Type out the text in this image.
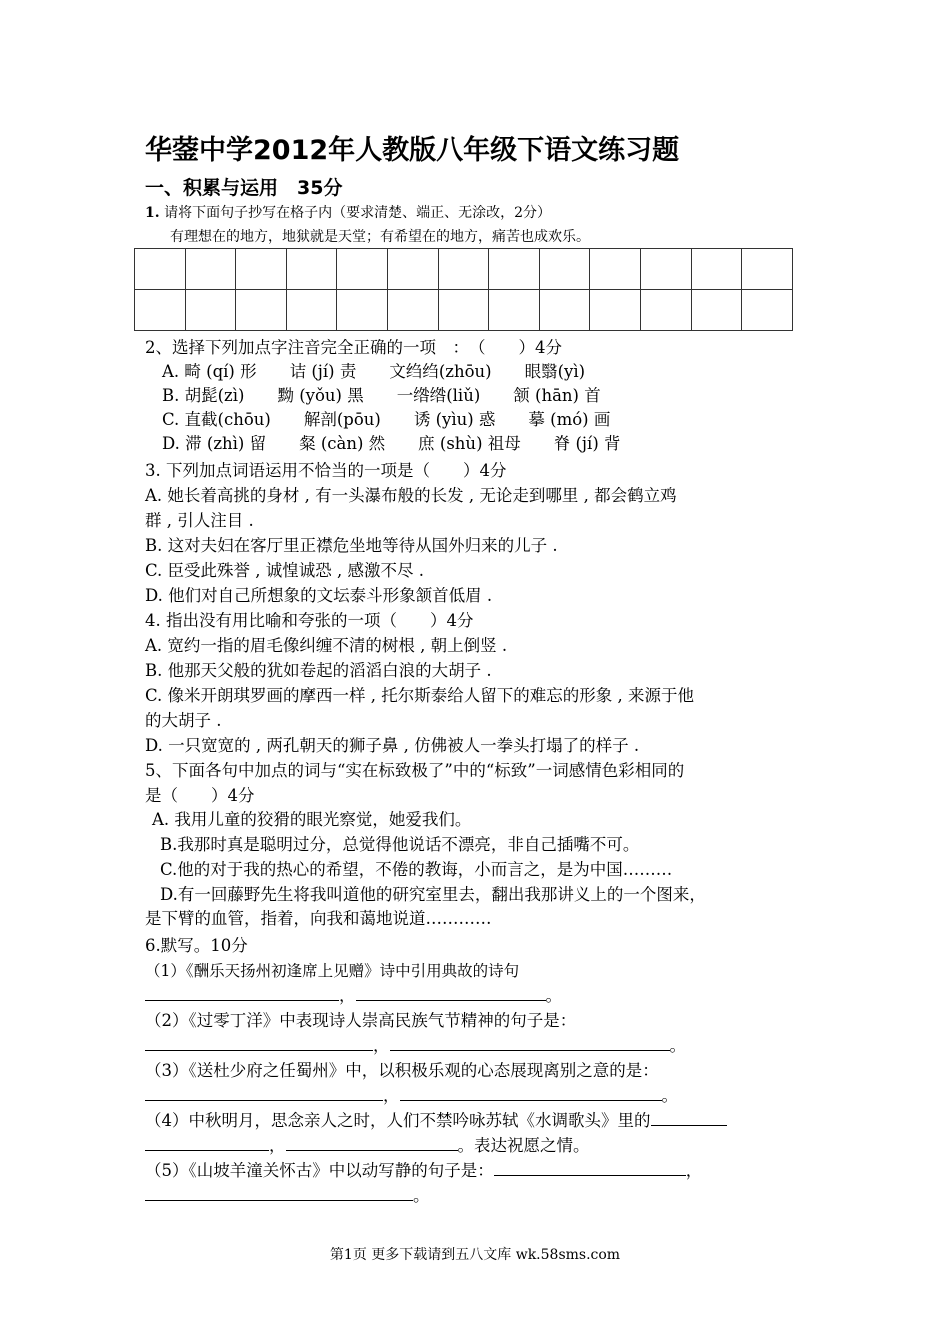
华蓥中学2012年人教版八年级下语文练习题
一、积累与运用　35分
1. 请将下面句子抄写在格子内（要求清楚、端正、无涂改，2分）
有理想在的地方，地狱就是天堂；有希望在的地方，痛苦也成欢乐。

2、选择下列加点字注音完全正确的一项　：　（　　）4分
A. 畸 (qí) 形　　诘 (jí) 责　　文绉绉(zhōu)　　眼翳(yì)
B. 胡髭(zì)　　黝 (yǒu) 黑　　一绺绺(liǔ)　　颔 (hān) 首
C. 直截(chōu)　　解剖(pōu)　　诱 (yìu) 惑　　摹 (mó) 画
D. 滞 (zhì) 留　　粲 (càn) 然　　庶 (shù) 祖母　　脊 (jí) 背
3. 下列加点词语运用不恰当的一项是（　　）4分
A. 她长着高挑的身材 , 有一头瀑布般的长发 , 无论走到哪里 , 都会鹤立鸡
群 , 引人注目 .
B. 这对夫妇在客厅里正襟危坐地等待从国外归来的儿子 .
C. 臣受此殊誉 , 诚惶诚恐 , 感激不尽 .
D. 他们对自己所想象的文坛泰斗形象颔首低眉 .
4. 指出没有用比喻和夸张的一项（　　）4分
A. 宽约一指的眉毛像纠缠不清的树根 , 朝上倒竖 .
B. 他那天父般的犹如卷起的滔滔白浪的大胡子 .
C. 像米开朗琪罗画的摩西一样 , 托尔斯泰给人留下的难忘的形象 , 来源于他
的大胡子 .
D. 一只宽宽的 , 两孔朝天的狮子鼻 , 仿佛被人一拳头打塌了的样子 .
5、下面各句中加点的词与“实在标致极了”中的“标致”一词感情色彩相同的
是（　　）4分
A. 我用儿童的狡猾的眼光察觉，她爱我们。
B.我那时真是聪明过分，总觉得他说话不漂亮，非自己插嘴不可。
C.他的对于我的热心的希望，不倦的教诲，小而言之，是为中国………
D.有一回藤野先生将我叫道他的研究室里去，翻出我那讲义上的一个图来，
是下臂的血管，指着，向我和蔼地说道…………
6.默写。10分
（1）《酬乐天扬州初逢席上见赠》诗中引用典故的诗句
，	。
（2）《过零丁洋》中表现诗人崇高民族气节精神的句子是：
，	。
（3）《送杜少府之任蜀州》中，以积极乐观的心态展现离别之意的是：
，	。
（4）中秋明月，思念亲人之时，人们不禁吟咏苏轼《水调歌头》里的
，	。表达祝愿之情。
（5）《山坡羊潼关怀古》中以动写静的句子是：	，
。
第1页 更多下载请到五八文库 wk.58sms.com
